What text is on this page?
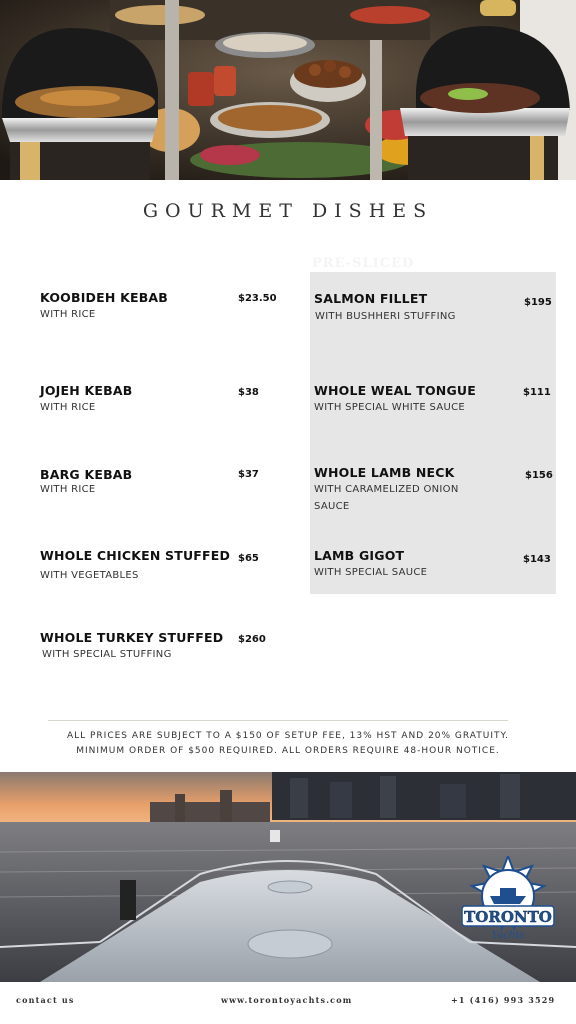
GOURMET DISHES
PRE-SLICED
KOOBIDEH KEBAB
WITH RICE
$23.50
JOJEH KEBAB
WITH RICE
$38
BARG KEBAB
WITH RICE
$37
WHOLE CHICKEN STUFFED
WITH VEGETABLES
$65
WHOLE TURKEY STUFFED
WITH SPECIAL STUFFING
$260
SALMON FILLET
WITH BUSHHERI STUFFING
$195
WHOLE WEAL TONGUE
WITH SPECIAL WHITE SAUCE
$111
WHOLE LAMB NECK
WITH CARAMELIZED ONION SAUCE
$156
LAMB GIGOT
WITH SPECIAL SAUCE
$143
ALL PRICES ARE SUBJECT TO A $150 OF SETUP FEE, 13% HST AND 20% GRATUITY.
MINIMUM ORDER OF $500 REQUIRED. ALL ORDERS REQUIRE 48-HOUR NOTICE.
TORONTO
Yachts
contact us	www.torontoyachts.com	+1 (416) 993 3529
